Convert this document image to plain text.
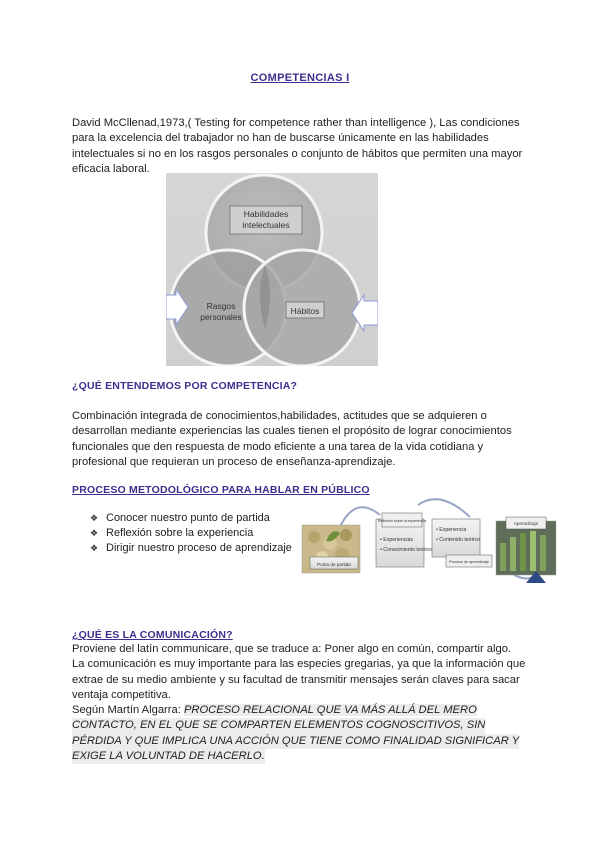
COMPETENCIAS I
David McCllenad,1973,( Testing for competence rather than intelligence ), Las condiciones
para la excelencia del trabajador no han de buscarse únicamente en las habilidades
intelectuales si no en los rasgos personales o conjunto de hábitos que permiten una mayor
eficacia laboral.
Habilidades
intelectuales
Rasgos
personales
Hábitos
¿QUÉ ENTENDEMOS POR COMPETENCIA?
Combinación integrada de conocimientos,habilidades, actitudes que se adquieren o
desarrollan mediante experiencias las cuales tienen el propósito de lograr conocimientos
funcionales que den respuesta de modo eficiente a una tarea de la vida cotidiana y
profesional que requieran un proceso de enseñanza-aprendizaje.
PROCESO METODOLÓGICO PARA HABLAR EN PÚBLICO
❖ Conocer nuestro punto de partida
❖ Reflexión sobre la experiencia
❖ Dirigir nuestro proceso de aprendizaje
Punto de partida
Reflexión sobre la experiencia
• Experiencias
• Conocimiento teórico
• Experiencia
• Contenido teórico
Proceso de aprendizaje
Aprendizaje
¿QUÉ ES LA COMUNICACIÓN?
Proviene del latín communicare, que se traduce a: Poner algo en común, compartir algo.
La comunicación es muy importante para las especies gregarias, ya que la información que
extrae de su medio ambiente y su facultad de transmitir mensajes serán claves para sacar
ventaja competitiva.
Según Martín Algarra: PROCESO RELACIONAL QUE VA MÁS ALLÁ DEL MERO
CONTACTO, EN EL QUE SE COMPARTEN ELEMENTOS COGNOSCITIVOS, SIN PÉRDIDA Y QUE IMPLICA UNA ACCIÓN QUE TIENE COMO FINALIDAD SIGNIFICAR Y EXIGE LA VOLUNTAD DE HACERLO.
